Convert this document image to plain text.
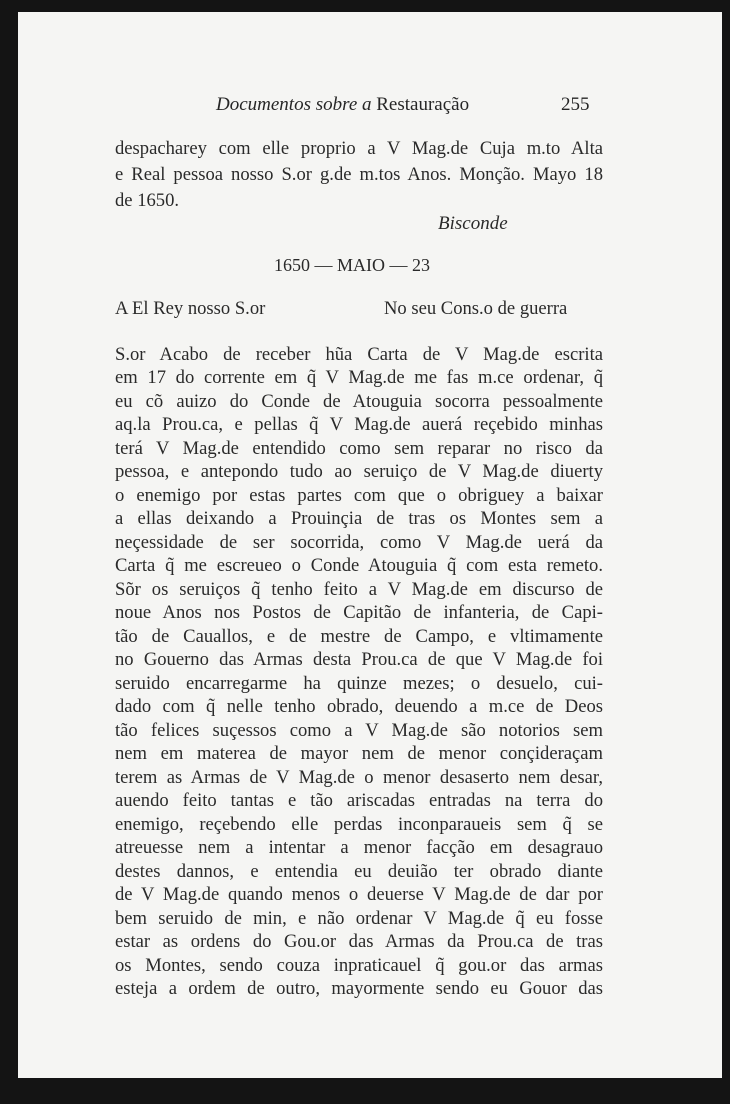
Documentos sobre a Restauração	255
despacharey com elle proprio a V Mag.de Cuja m.to Alta
e Real pessoa nosso S.or g.de m.tos Anos. Monção. Mayo 18
de 1650.
Bisconde
1650 — MAIO — 23
A El Rey nosso S.or	No seu Cons.o de guerra
S.or Acabo de receber hũa Carta de V Mag.de escrita
em 17 do corrente em q̃ V Mag.de me fas m.ce ordenar, q̃
eu cõ auizo do Conde de Atouguia socorra pessoalmente
aq.la Prou.ca, e pellas q̃ V Mag.de auerá reçebido minhas
terá V Mag.de entendido como sem reparar no risco da
pessoa, e antepondo tudo ao seruiço de V Mag.de diuerty
o enemigo por estas partes com que o obriguey a baixar
a ellas deixando a Prouinçia de tras os Montes sem a
neçessidade de ser socorrida, como V Mag.de uerá da
Carta q̃ me escreueo o Conde Atouguia q̃ com esta remeto.
Sõr os seruiços q̃ tenho feito a V Mag.de em discurso de
noue Anos nos Postos de Capitão de infanteria, de Capi-
tão de Cauallos, e de mestre de Campo, e vltimamente
no Gouerno das Armas desta Prou.ca de que V Mag.de foi
seruido encarregarme ha quinze mezes; o desuelo, cui-
dado com q̃ nelle tenho obrado, deuendo a m.ce de Deos
tão felices suçessos como a V Mag.de são notorios sem
nem em materea de mayor nem de menor conçideraçam
terem as Armas de V Mag.de o menor desaserto nem desar,
auendo feito tantas e tão ariscadas entradas na terra do
enemigo, reçebendo elle perdas inconparaueis sem q̃ se
atreuesse nem a intentar a menor facção em desagrauo
destes dannos, e entendia eu deuião ter obrado diante
de V Mag.de quando menos o deuerse V Mag.de de dar por
bem seruido de min, e não ordenar V Mag.de q̃ eu fosse
estar as ordens do Gou.or das Armas da Prou.ca de tras
os Montes, sendo couza inpraticauel q̃ gou.or das armas
esteja a ordem de outro, mayormente sendo eu Gouor das
